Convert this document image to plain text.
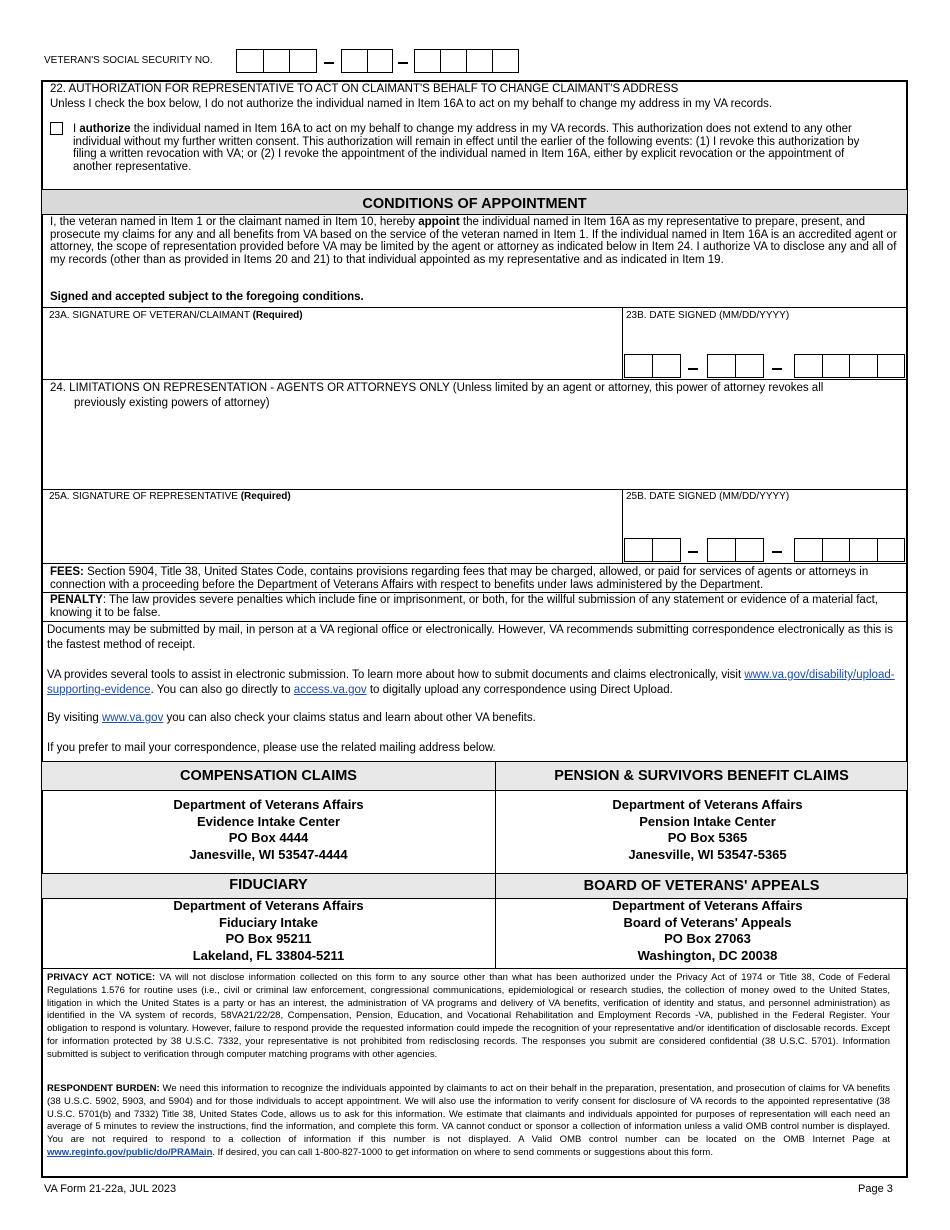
VETERAN'S SOCIAL SECURITY NO.
22. AUTHORIZATION FOR REPRESENTATIVE TO ACT ON CLAIMANT'S BEHALF TO CHANGE CLAIMANT'S ADDRESS
Unless I check the box below, I do not authorize the individual named in Item 16A to act on my behalf to change my address in my VA records.
I authorize the individual named in Item 16A to act on my behalf to change my address in my VA records. This authorization does not extend to any other individual without my further written consent. This authorization will remain in effect until the earlier of the following events: (1) I revoke this authorization by filing a written revocation with VA; or (2) I revoke the appointment of the individual named in Item 16A, either by explicit revocation or the appointment of another representative.
CONDITIONS OF APPOINTMENT
I, the veteran named in Item 1 or the claimant named in Item 10, hereby appoint the individual named in Item 16A as my representative to prepare, present, and prosecute my claims for any and all benefits from VA based on the service of the veteran named in Item 1. If the individual named in Item 16A is an accredited agent or attorney, the scope of representation provided before VA may be limited by the agent or attorney as indicated below in Item 24. I authorize VA to disclose any and all of my records (other than as provided in Items 20 and 21) to that individual appointed as my representative and as indicated in Item 19.
Signed and accepted subject to the foregoing conditions.
23A. SIGNATURE OF VETERAN/CLAIMANT (Required)	23B. DATE SIGNED (MM/DD/YYYY)
24. LIMITATIONS ON REPRESENTATION - AGENTS OR ATTORNEYS ONLY (Unless limited by an agent or attorney, this power of attorney revokes all
previously existing powers of attorney)
25A. SIGNATURE OF REPRESENTATIVE (Required)	25B. DATE SIGNED (MM/DD/YYYY)
FEES: Section 5904, Title 38, United States Code, contains provisions regarding fees that may be charged, allowed, or paid for services of agents or attorneys in connection with a proceeding before the Department of Veterans Affairs with respect to benefits under laws administered by the Department.
PENALTY: The law provides severe penalties which include fine or imprisonment, or both, for the willful submission of any statement or evidence of a material fact, knowing it to be false.
Documents may be submitted by mail, in person at a VA regional office or electronically. However, VA recommends submitting correspondence electronically as this is the fastest method of receipt.
VA provides several tools to assist in electronic submission. To learn more about how to submit documents and claims electronically, visit www.va.gov/disability/upload-supporting-evidence. You can also go directly to access.va.gov to digitally upload any correspondence using Direct Upload.
By visiting www.va.gov you can also check your claims status and learn about other VA benefits.
If you prefer to mail your correspondence, please use the related mailing address below.
COMPENSATION CLAIMS	PENSION & SURVIVORS BENEFIT CLAIMS
Department of Veterans Affairs
Evidence Intake Center
PO Box 4444
Janesville, WI 53547-4444
Department of Veterans Affairs
Pension Intake Center
PO Box 5365
Janesville, WI 53547-5365
FIDUCIARY	BOARD OF VETERANS' APPEALS
Department of Veterans Affairs
Fiduciary Intake
PO Box 95211
Lakeland, FL 33804-5211
Department of Veterans Affairs
Board of Veterans' Appeals
PO Box 27063
Washington, DC 20038
PRIVACY ACT NOTICE: VA will not disclose information collected on this form to any source other than what has been authorized under the Privacy Act of 1974 or Title 38, Code of Federal Regulations 1.576 for routine uses (i.e., civil or criminal law enforcement, congressional communications, epidemiological or research studies, the collection of money owed to the United States, litigation in which the United States is a party or has an interest, the administration of VA programs and delivery of VA benefits, verification of identity and status, and personnel administration) as identified in the VA system of records, 58VA21/22/28, Compensation, Pension, Education, and Vocational Rehabilitation and Employment Records -VA, published in the Federal Register. Your obligation to respond is voluntary. However, failure to respond provide the requested information could impede the recognition of your representative and/or identification of disclosable records. Except for information protected by 38 U.S.C. 7332, your representative is not prohibited from redisclosing records. The responses you submit are considered confidential (38 U.S.C. 5701). Information submitted is subject to verification through computer matching programs with other agencies.
RESPONDENT BURDEN: We need this information to recognize the individuals appointed by claimants to act on their behalf in the preparation, presentation, and prosecution of claims for VA benefits (38 U.S.C. 5902, 5903, and 5904) and for those individuals to accept appointment. We will also use the information to verify consent for disclosure of VA records to the appointed representative (38 U.S.C. 5701(b) and 7332) Title 38, United States Code, allows us to ask for this information. We estimate that claimants and individuals appointed for purposes of representation will each need an average of 5 minutes to review the instructions, find the information, and complete this form. VA cannot conduct or sponsor a collection of information unless a valid OMB control number is displayed. You are not required to respond to a collection of information if this number is not displayed. A Valid OMB control number can be located on the OMB Internet Page at www.reginfo.gov/public/do/PRAMain. If desired, you can call 1-800-827-1000 to get information on where to send comments or suggestions about this form.
VA Form 21-22a, JUL 2023	Page 3
